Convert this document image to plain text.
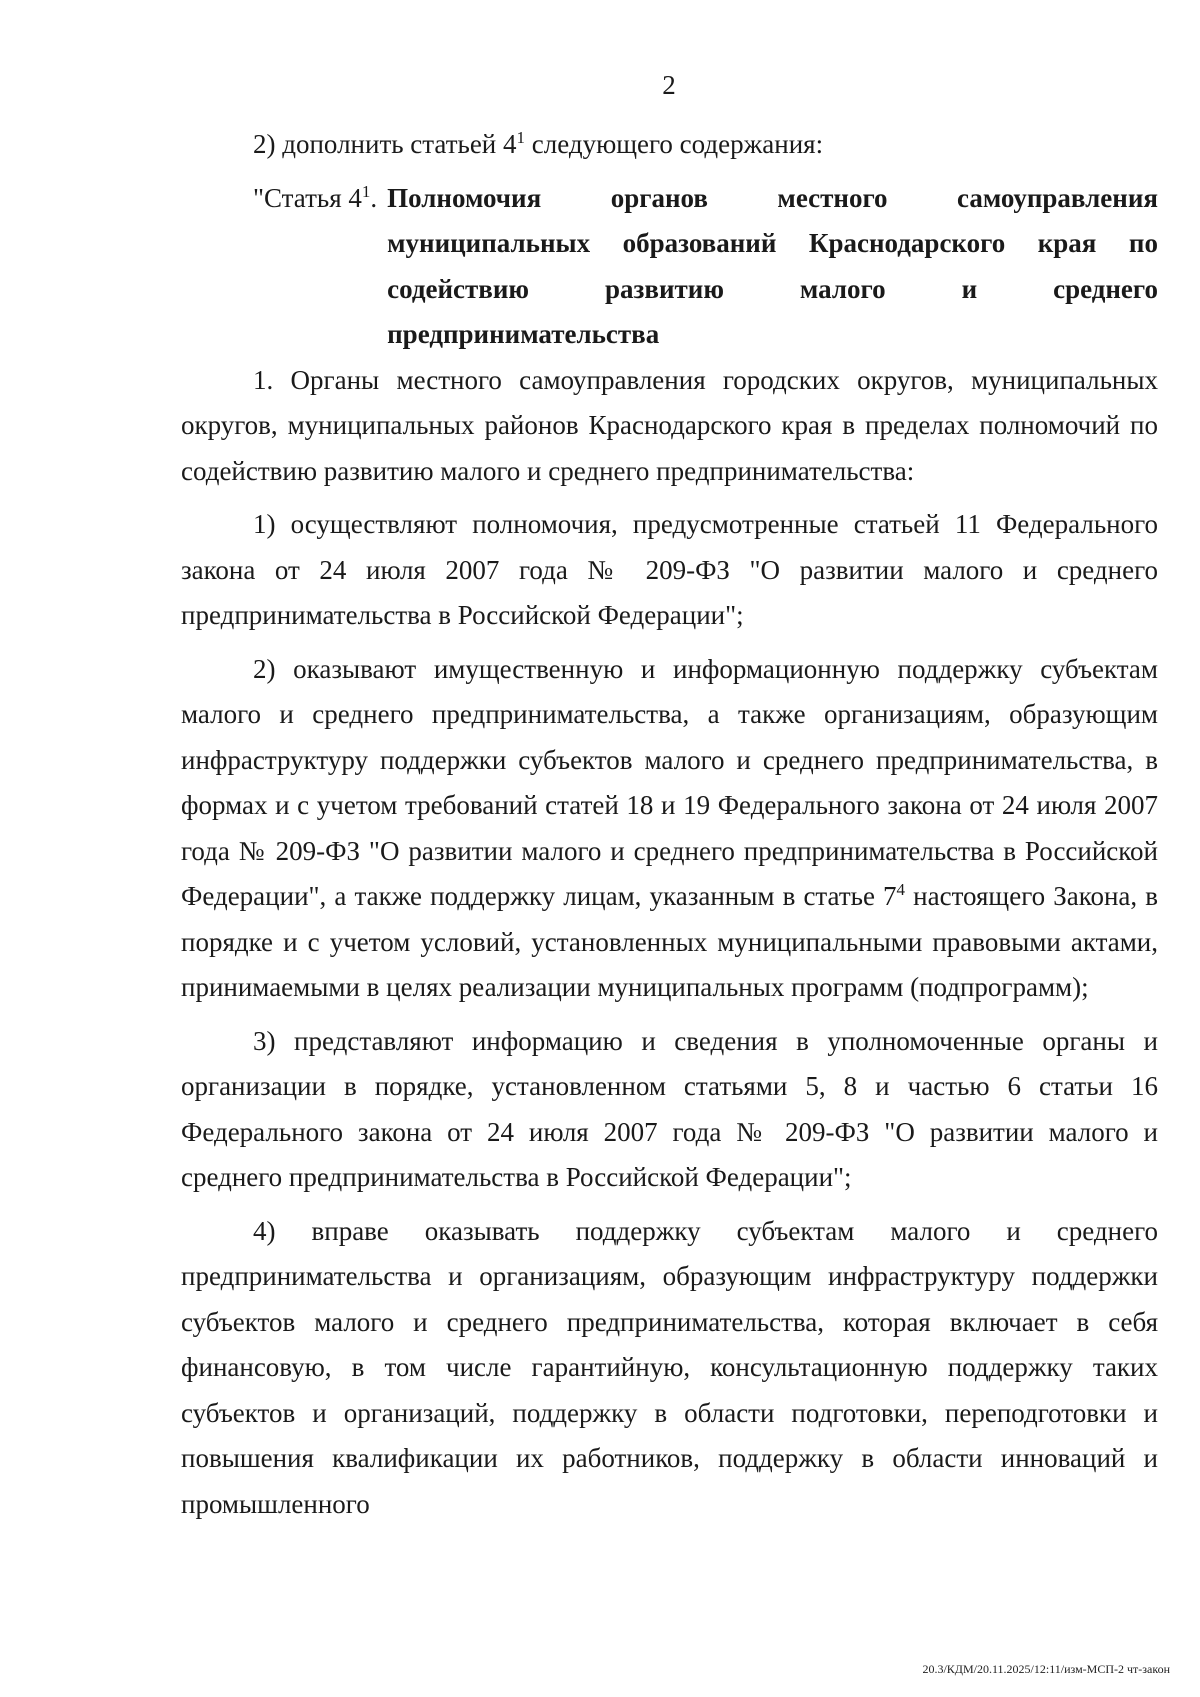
2

2) дополнить статьей $4^1$ следующего содержания:

"Статья $4^1$. Полномочия органов местного самоуправления муниципальных образований Краснодарского края по содействию развитию малого и среднего предпринимательства

1. Органы местного самоуправления городских округов, муниципальных округов, муниципальных районов Краснодарского края в пределах полномочий по содействию развитию малого и среднего предпринимательства:

1) осуществляют полномочия, предусмотренные статьей 11 Федерального закона от 24 июля 2007 года № 209-ФЗ "О развитии малого и среднего предпринимательства в Российской Федерации";

2) оказывают имущественную и информационную поддержку субъектам малого и среднего предпринимательства, а также организациям, образующим инфраструктуру поддержки субъектов малого и среднего предпринимательства, в формах и с учетом требований статей 18 и 19 Федерального закона от 24 июля 2007 года № 209-ФЗ "О развитии малого и среднего предпринимательства в Российской Федерации", а также поддержку лицам, указанным в статье $7^4$ настоящего Закона, в порядке и с учетом условий, установленных муниципальными правовыми актами, принимаемыми в целях реализации муниципальных программ (подпрограмм);

3) представляют информацию и сведения в уполномоченные органы и организации в порядке, установленном статьями 5, 8 и частью 6 статьи 16 Федерального закона от 24 июля 2007 года № 209-ФЗ "О развитии малого и среднего предпринимательства в Российской Федерации";

4) вправе оказывать поддержку субъектам малого и среднего предпринимательства и организациям, образующим инфраструктуру поддержки субъектов малого и среднего предпринимательства, которая включает в себя финансовую, в том числе гарантийную, консультационную поддержку таких субъектов и организаций, поддержку в области подготовки, переподготовки и повышения квалификации их работников, поддержку в области инноваций и промышленного

20.3/КДМ/20.11.2025/12:11/изм-МСП-2 чт-закон
